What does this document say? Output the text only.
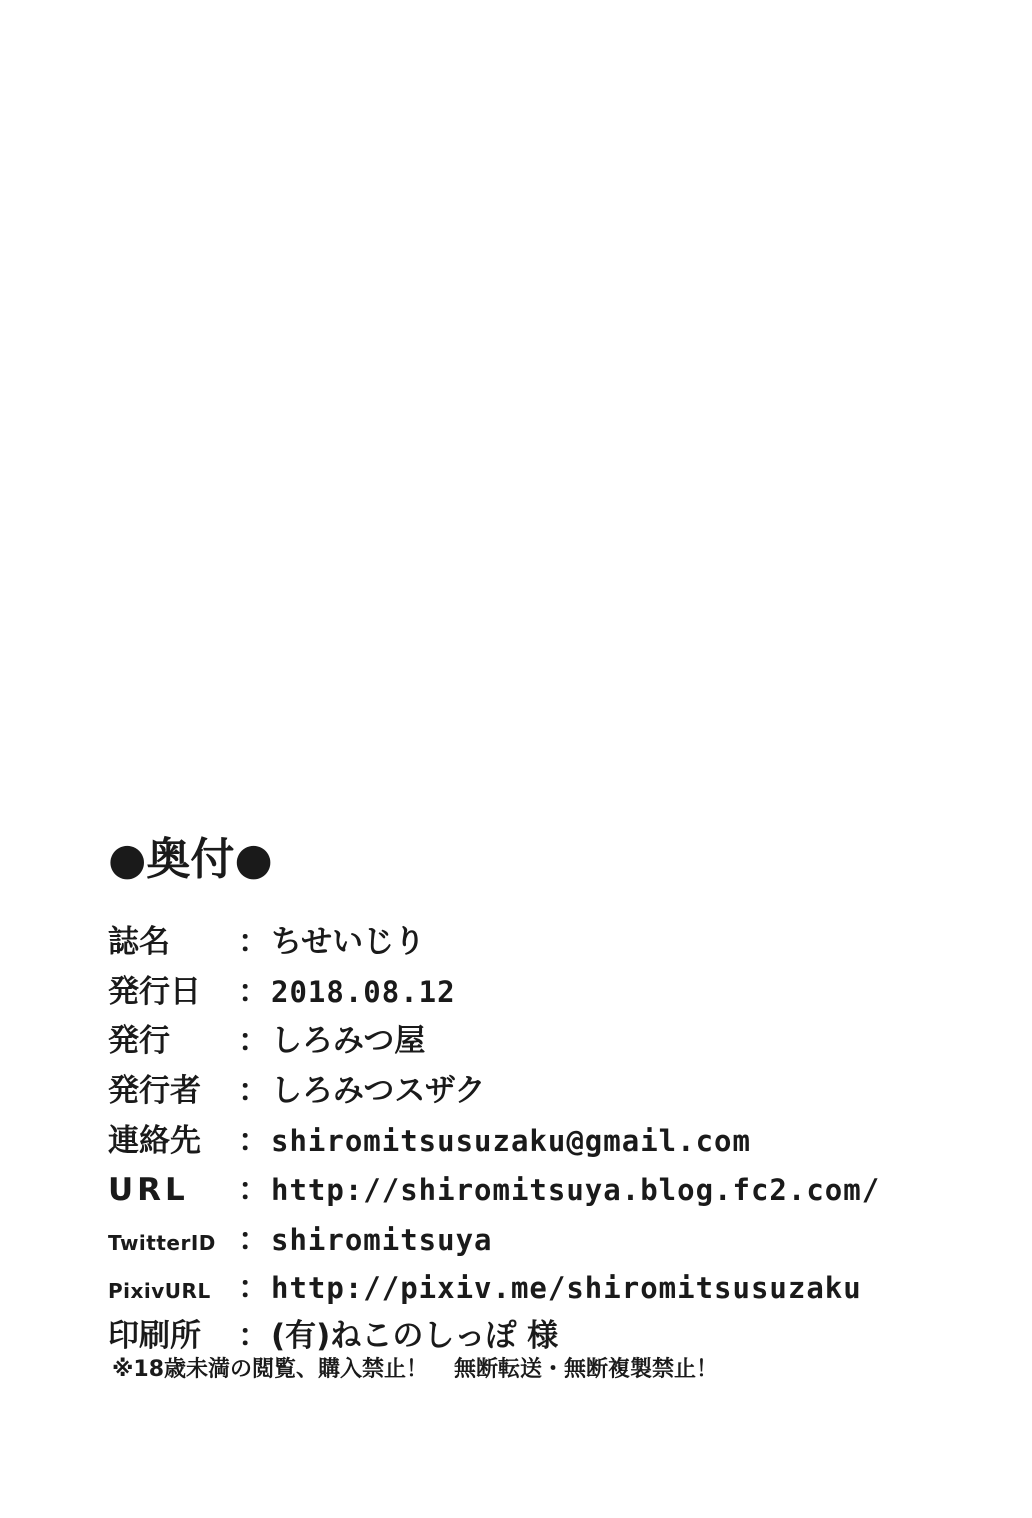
●奥付●
誌名	： ちせいじり
発行日	： 2018.08.12
発行	： しろみつ屋
発行者	： しろみつスザク
連絡先	： shiromitsusuzaku@gmail.com
URL	： http://shiromitsuya.blog.fc2.com/
TwitterID ： shiromitsuya
PixivURL ： http://pixiv.me/shiromitsusuzaku
印刷所	： (有)ねこのしっぽ 様
※18歳未満の閲覧、購入禁止！ 無断転送・無断複製禁止！
